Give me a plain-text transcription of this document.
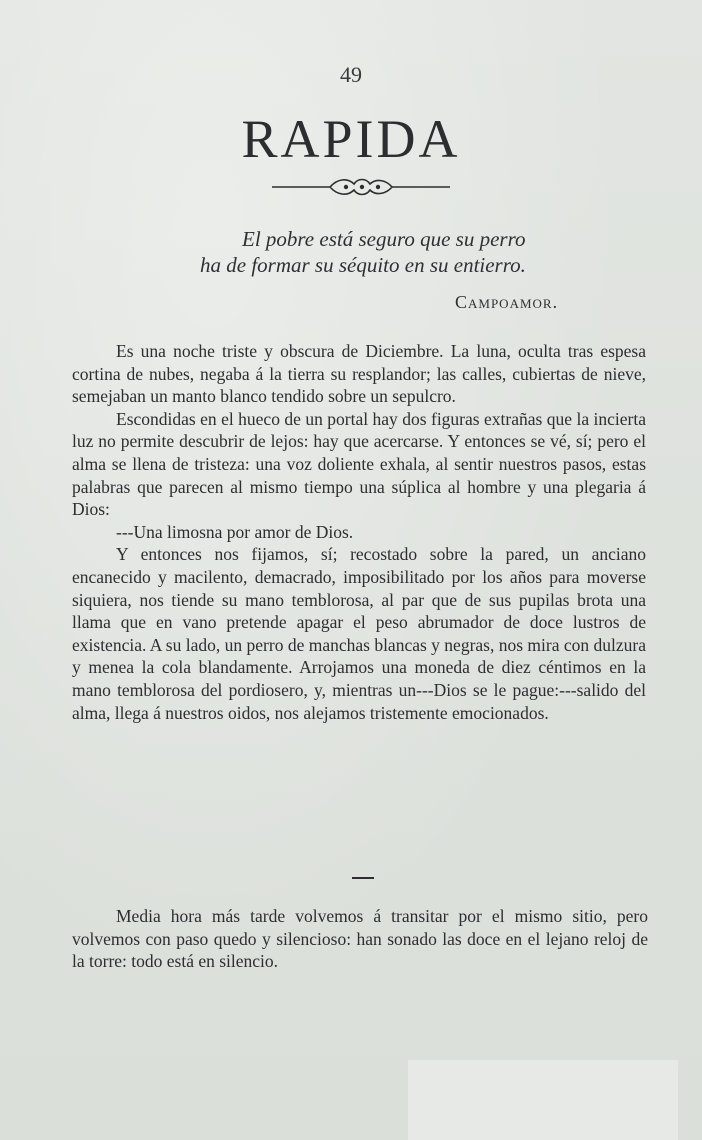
49
RAPIDA
El pobre está seguro que su perro
ha de formar su séquito en su entierro.
Campoamor.

Es una noche triste y obscura de Diciembre. La luna, oculta tras espesa cortina de nubes, negaba á la tierra su resplandor; las calles, cubiertas de nieve, semejaban un manto blanco tendido sobre un sepulcro.

Escondidas en el hueco de un portal hay dos figuras extrañas que la incierta luz no permite descubrir de lejos: hay que acercarse. Y entonces se vé, sí; pero el alma se llena de tristeza: una voz doliente exhala, al sentir nuestros pasos, estas palabras que parecen al mismo tiempo una súplica al hombre y una plegaria á Dios:

---Una limosna por amor de Dios.

Y entonces nos fijamos, sí; recostado sobre la pared, un anciano encanecido y macilento, demacrado, imposibilitado por los años para moverse siquiera, nos tiende su mano temblorosa, al par que de sus pupilas brota una llama que en vano pretende apagar el peso abrumador de doce lustros de existencia. A su lado, un perro de manchas blancas y negras, nos mira con dulzura y menea la cola blandamente. Arrojamos una moneda de diez céntimos en la mano temblorosa del pordiosero, y, mientras un---Dios se le pague:---salido del alma, llega á nuestros oidos, nos alejamos tristemente emocionados.

Media hora más tarde volvemos á transitar por el mismo sitio, pero volvemos con paso quedo y silencioso: han sonado las doce en el lejano reloj de la torre: todo está en silencio.
